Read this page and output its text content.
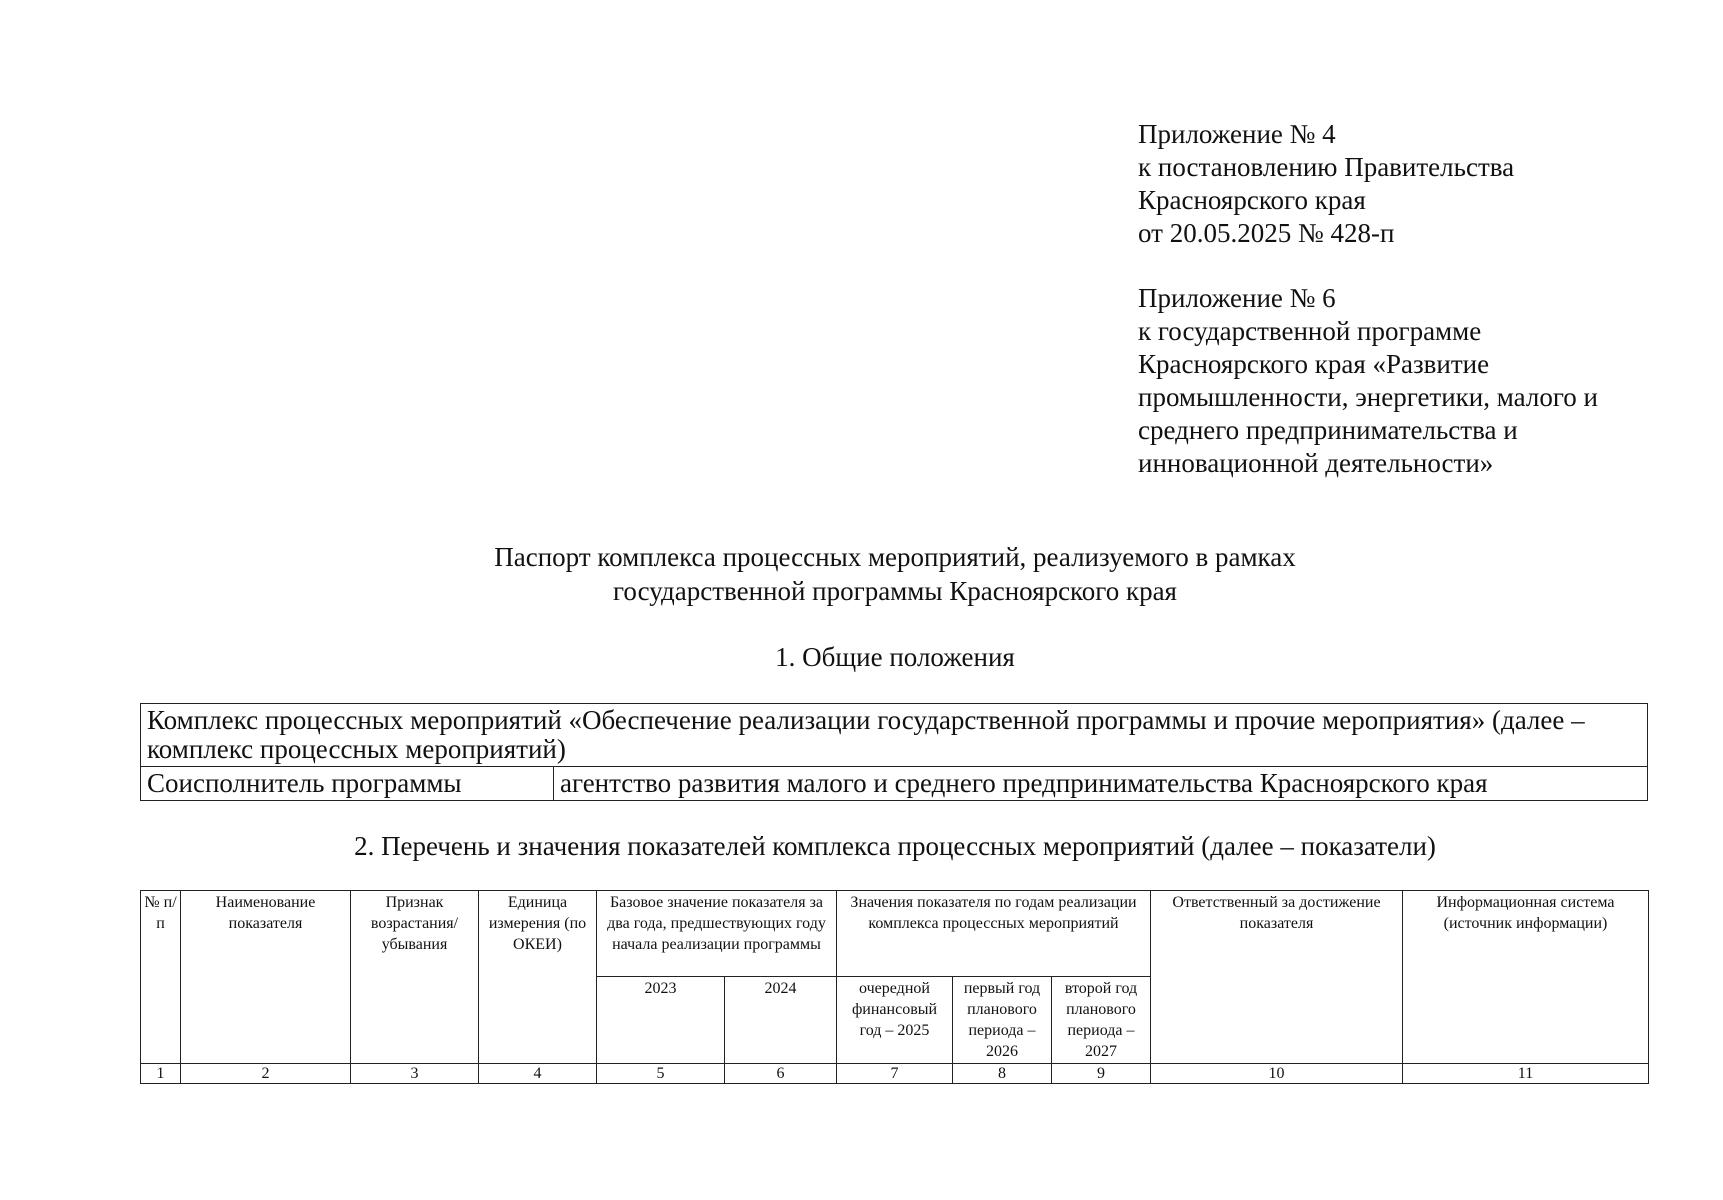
Приложение № 4
к постановлению Правительства
Красноярского края
от 20.05.2025 № 428-п
Приложение № 6
к государственной программе
Красноярского края «Развитие
промышленности, энергетики, малого и
среднего предпринимательства и
инновационной деятельности»
Паспорт комплекса процессных мероприятий, реализуемого в рамках
государственной программы Красноярского края
1. Общие положения
Комплекс процессных мероприятий «Обеспечение реализации государственной программы и прочие мероприятия» (далее – комплекс процессных мероприятий)
Соисполнитель программы	агентство развития малого и среднего предпринимательства Красноярского края
2. Перечень и значения показателей комплекса процессных мероприятий (далее – показатели)
№ п/п	Наименование показателя	Признак возрастания/ убывания	Единица измерения (по ОКЕИ)	Базовое значение показателя за два года, предшествующих году начала реализации программы		Значения показателя по годам реализации комплекса процессных мероприятий			Ответственный за достижение показателя	Информационная система (источник информации)
				2023	2024	очередной финансовый год – 2025	первый год планового периода – 2026	второй год планового периода – 2027		
1	2	3	4	5	6	7	8	9	10	11
